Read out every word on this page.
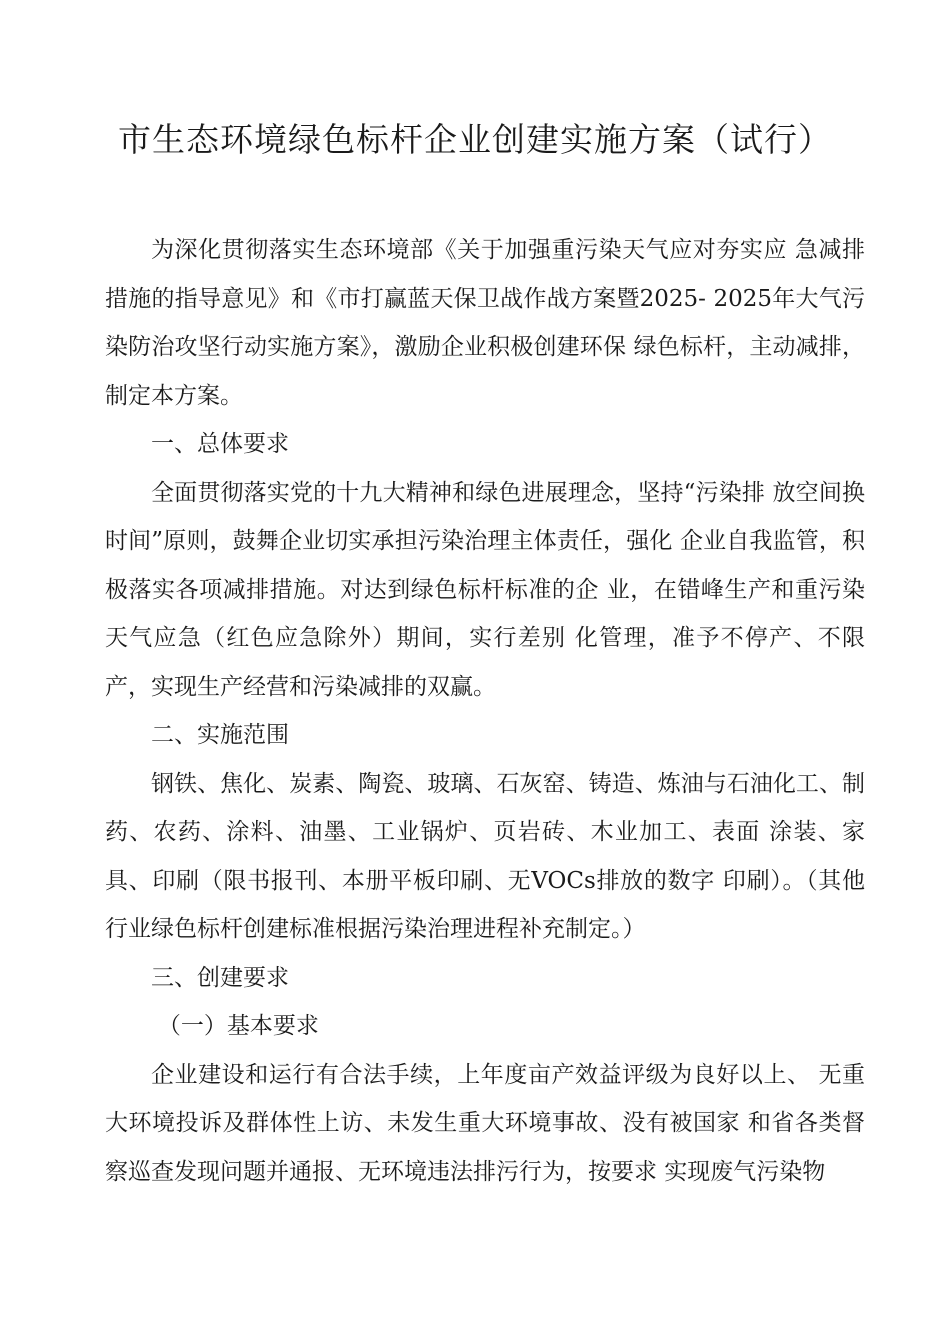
市生态环境绿色标杆企业创建实施方案（试行）

为深化贯彻落实生态环境部《关于加强重污染天气应对夯实应 急减排措施的指导意见》和《市打赢蓝天保卫战作战方案暨2025- 2025年大气污染防治攻坚行动实施方案》，激励企业积极创建环保 绿色标杆，主动减排，制定本方案。

一、总体要求

全面贯彻落实党的十九大精神和绿色进展理念，坚持“污染排 放空间换时间”原则，鼓舞企业切实承担污染治理主体责任，强化 企业自我监管，积极落实各项减排措施。对达到绿色标杆标准的企 业，在错峰生产和重污染天气应急（红色应急除外）期间，实行差别 化管理，准予不停产、不限产，实现生产经营和污染减排的双赢。

二、实施范围

钢铁、焦化、炭素、陶瓷、玻璃、石灰窑、铸造、炼油与石油化工、制药、农药、涂料、油墨、工业锅炉、页岩砖、木业加工、表面 涂装、家具、印刷（限书报刊、本册平板印刷、无VOCs排放的数字 印刷）。（其他行业绿色标杆创建标准根据污染治理进程补充制定。）

三、创建要求

（一）基本要求

企业建设和运行有合法手续，上年度亩产效益评级为良好以上、 无重大环境投诉及群体性上访、未发生重大环境事故、没有被国家 和省各类督察巡查发现问题并通报、无环境违法排污行为，按要求 实现废气污染物
